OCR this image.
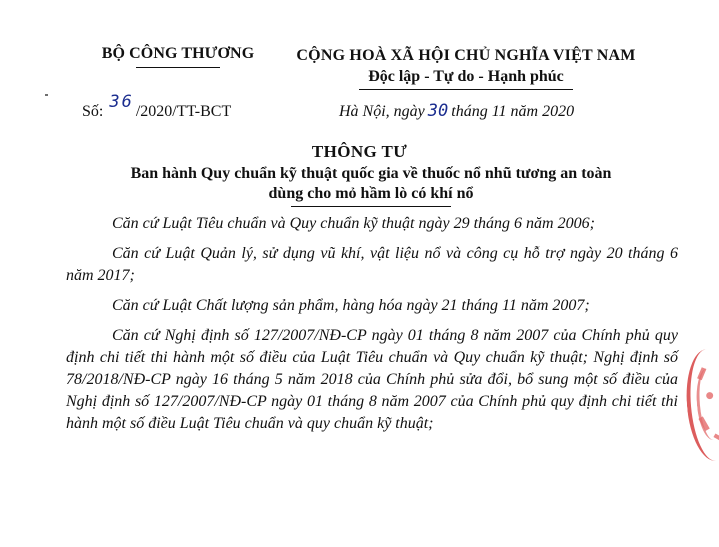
BỘ CÔNG THƯƠNG	CỘNG HOÀ XÃ HỘI CHỦ NGHĨA VIỆT NAM
Độc lập - Tự do - Hạnh phúc
Số: 36 /2020/TT-BCT	Hà Nội, ngày 30 tháng 11 năm 2020
THÔNG TƯ
Ban hành Quy chuẩn kỹ thuật quốc gia về thuốc nổ nhũ tương an toàn
dùng cho mỏ hầm lò có khí nổ

Căn cứ Luật Tiêu chuẩn và Quy chuẩn kỹ thuật ngày 29 tháng 6 năm 2006;

Căn cứ Luật Quản lý, sử dụng vũ khí, vật liệu nổ và công cụ hỗ trợ ngày 20 tháng 6 năm 2017;

Căn cứ Luật Chất lượng sản phẩm, hàng hóa ngày 21 tháng 11 năm 2007;

Căn cứ Nghị định số 127/2007/NĐ-CP ngày 01 tháng 8 năm 2007 của Chính phủ quy định chi tiết thi hành một số điều của Luật Tiêu chuẩn và Quy chuẩn kỹ thuật; Nghị định số 78/2018/NĐ-CP ngày 16 tháng 5 năm 2018 của Chính phủ sửa đổi, bổ sung một số điều của Nghị định số 127/2007/NĐ-CP ngày 01 tháng 8 năm 2007 của Chính phủ quy định chi tiết thi hành một số điều Luật Tiêu chuẩn và quy chuẩn kỹ thuật;
